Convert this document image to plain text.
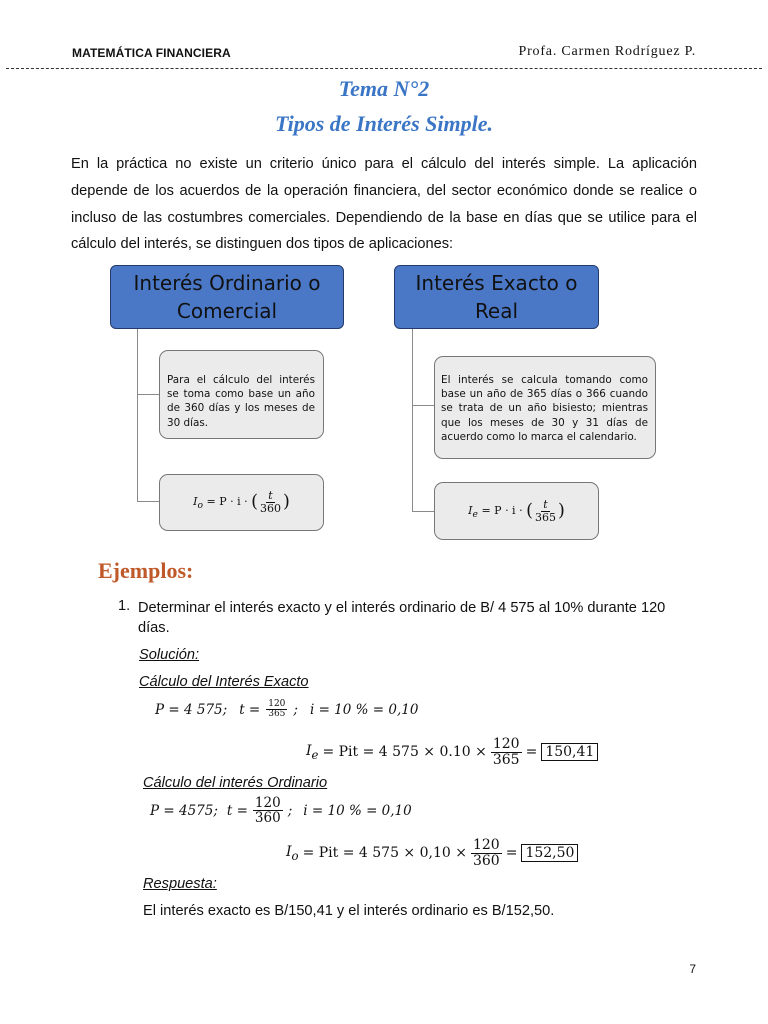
MATEMÁTICA FINANCIERA	Profa. Carmen Rodríguez P.
Tema N°2
Tipos de Interés Simple.
En la práctica no existe un criterio único para el cálculo del interés simple. La aplicación depende de los acuerdos de la operación financiera, del sector económico donde se realice o incluso de las costumbres comerciales. Dependiendo de la base en días que se utilice para el cálculo del interés, se distinguen dos tipos de aplicaciones:
Interés Ordinario o Comercial
Para el cálculo del interés se toma como base un año de 360 días y los meses de 30 días.
$I_o = P \cdot i$ · ( $\frac{t}{360}$ )
Interés Exacto o Real
El interés se calcula tomando como base un año de 365 días o 366 cuando se trata de un año bisiesto; mientras que los meses de 30 y 31 días de acuerdo como lo marca el calendario.
$I_e = P \cdot i$ · ( $\frac{t}{365}$ )
Ejemplos:
1. Determinar el interés exacto y el interés ordinario de B/ 4 575 al 10% durante 120 días.
Solución:
Cálculo del Interés Exacto
P = 4 575; $t = \frac{120}{365}$ ; i = 10 % = 0,10
$I_e$ = Pit = 4 $575 \times 0.10 \times \frac{120}{365} = 150,41$
Cálculo del interés Ordinario
P = 4575; $t = \frac{120}{360}$ ; i = 10 % = 0,10
$I_o$ = Pit = 4 $575 \times 0,10 \times \frac{120}{360} = 152,50$
Respuesta:
El interés exacto es B/150,41 y el interés ordinario es B/152,50.
7
